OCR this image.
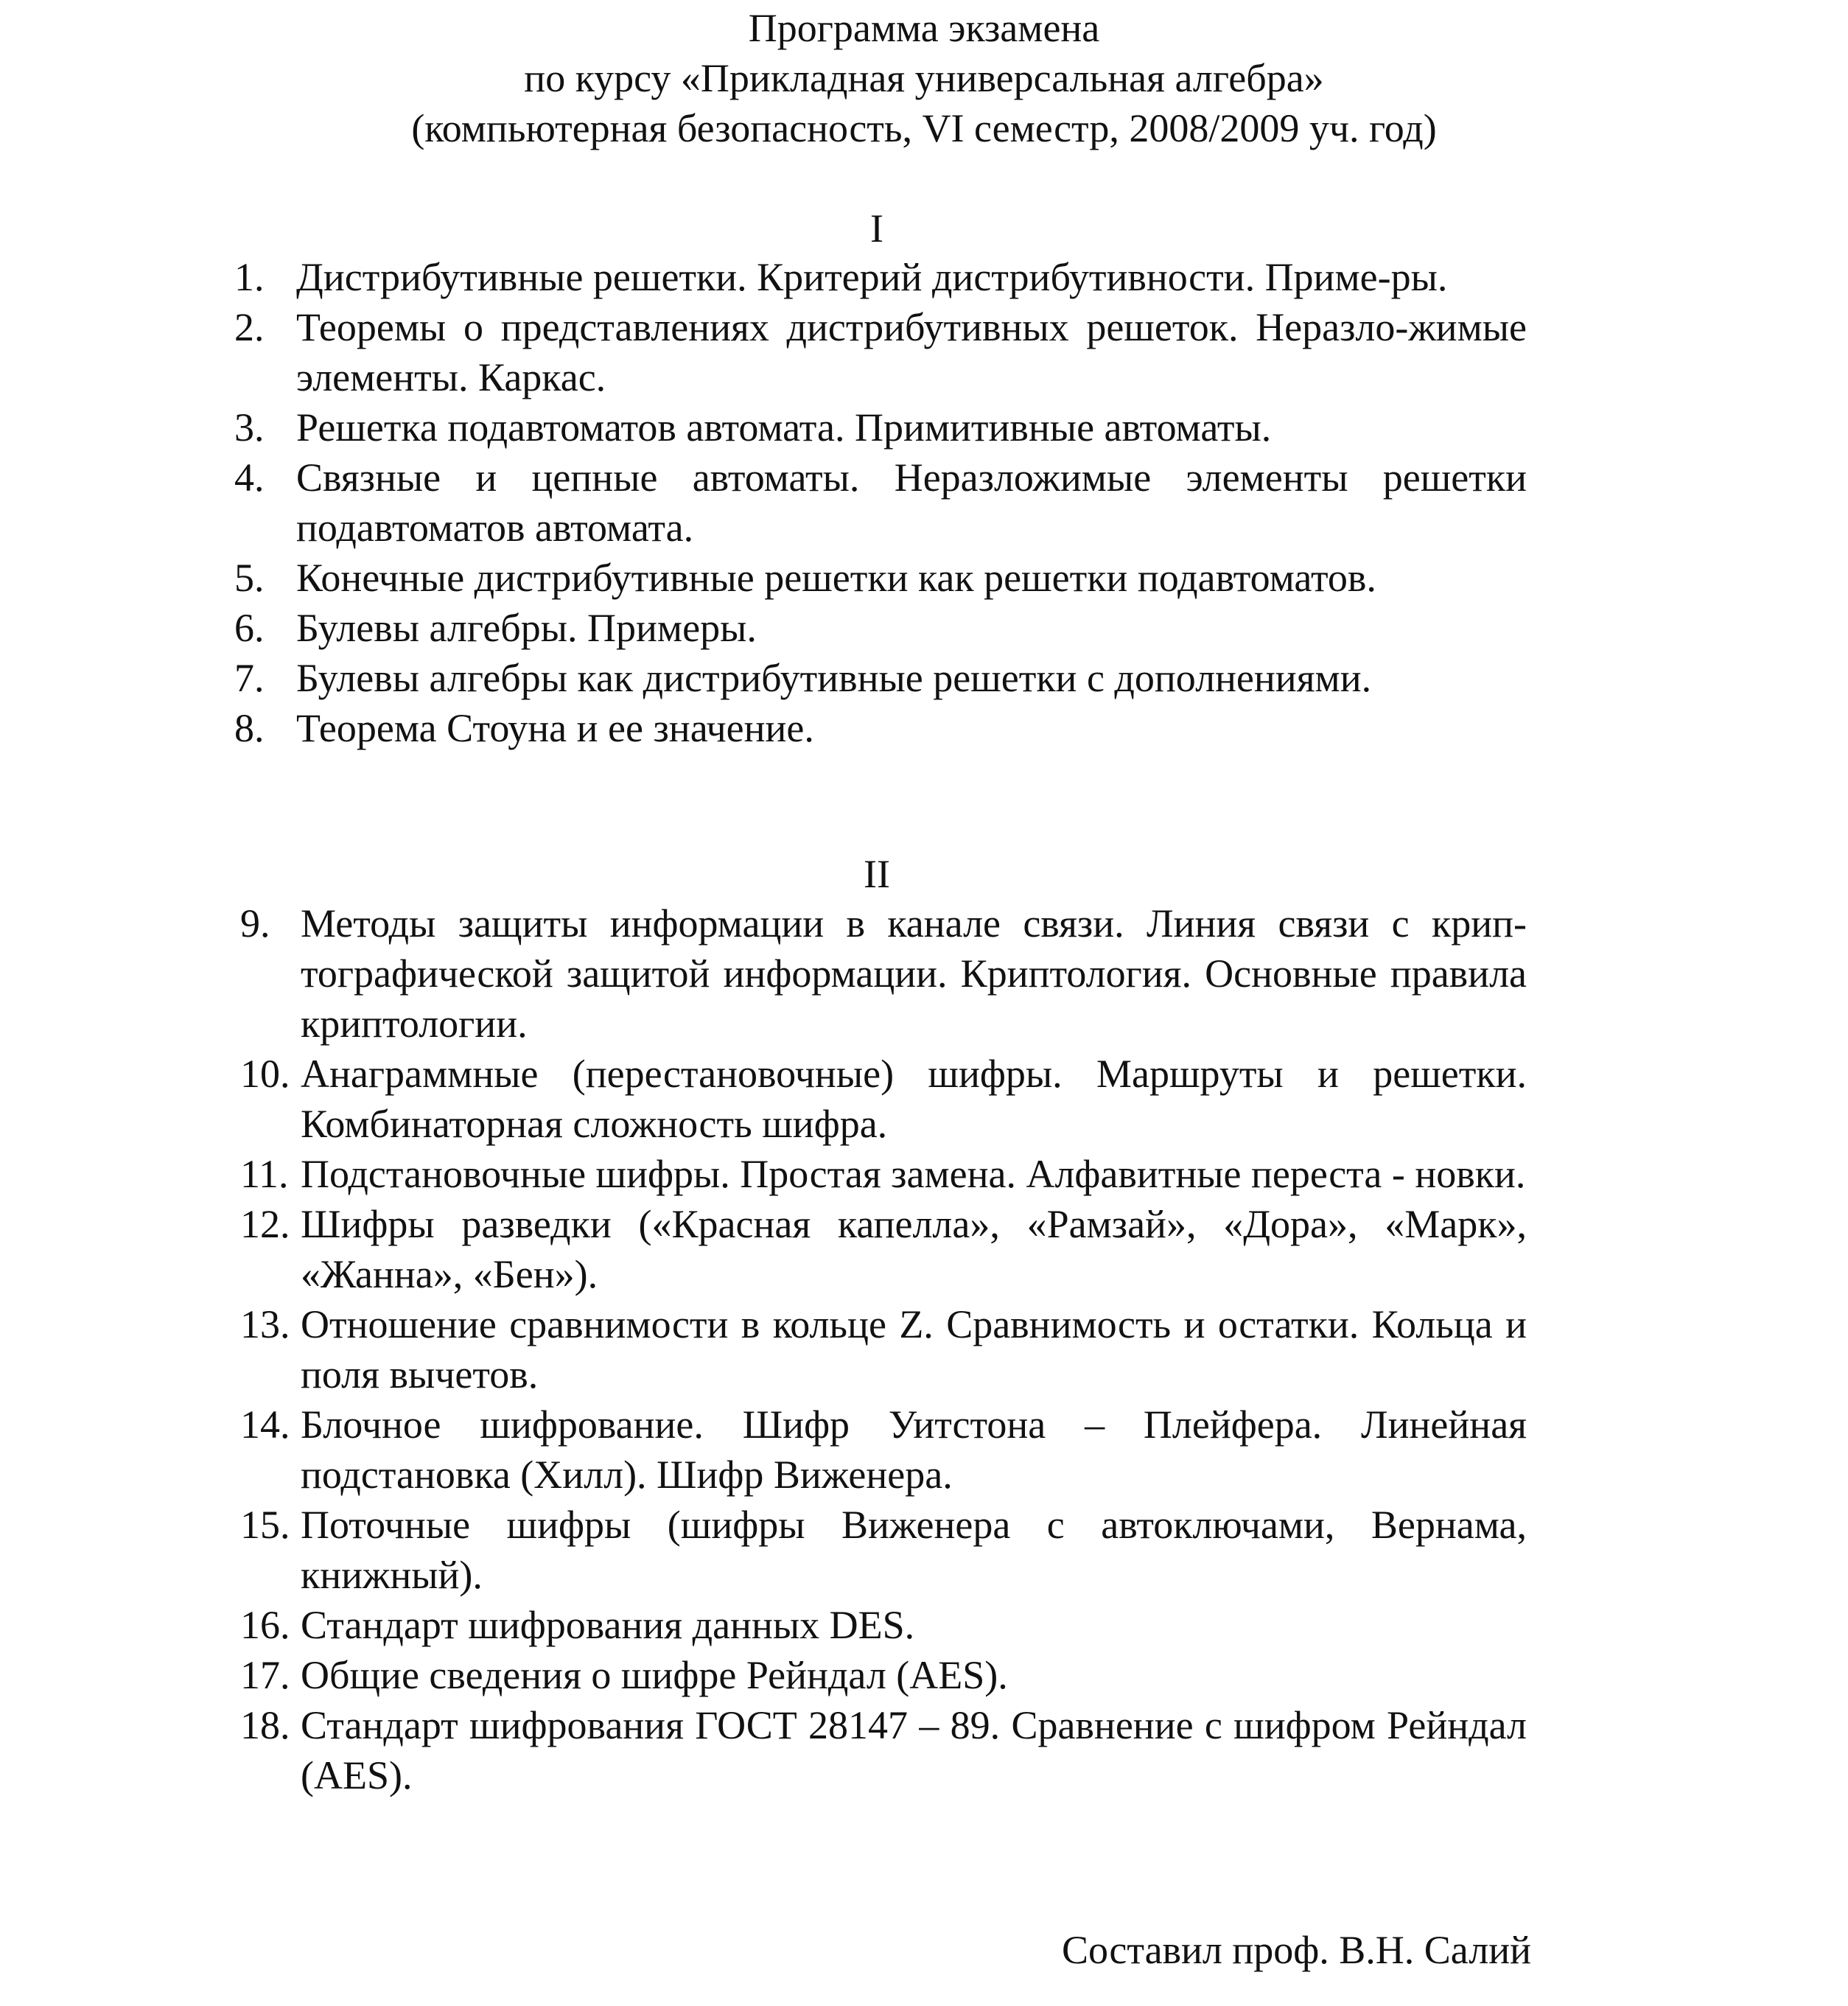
Программа экзамена
по курсу «Прикладная универсальная алгебра»
(компьютерная безопасность, VI семестр, 2008/2009 уч. год)
I
1. Дистрибутивные решетки. Критерий дистрибутивности. Приме-ры.
2. Теоремы о представлениях дистрибутивных решеток. Неразло-жимые элементы. Каркас.
3. Решетка подавтоматов автомата. Примитивные автоматы.
4. Связные и цепные автоматы. Неразложимые элементы решетки подавтоматов автомата.
5. Конечные дистрибутивные решетки как решетки подавтоматов.
6. Булевы алгебры. Примеры.
7. Булевы алгебры как дистрибутивные решетки с дополнениями.
8. Теорема Стоуна и ее значение.
II
9. Методы защиты информации в канале связи. Линия связи с крип-тографической защитой информации. Криптология. Основные правила криптологии.
10. Анаграммные (перестановочные) шифры. Маршруты и решетки. Комбинаторная сложность шифра.
11. Подстановочные шифры. Простая замена. Алфавитные переста - новки.
12. Шифры разведки («Красная капелла», «Рамзай», «Дора», «Марк», «Жанна», «Бен»).
13. Отношение сравнимости в кольце Z. Сравнимость и остатки. Кольца и поля вычетов.
14. Блочное шифрование. Шифр Уитстона – Плейфера. Линейная подстановка (Хилл). Шифр Виженера.
15. Поточные шифры (шифры Виженера с автоключами, Вернама, книжный).
16. Стандарт шифрования данных DES.
17. Общие сведения о шифре Рейндал (AES).
18. Стандарт шифрования ГОСТ 28147 – 89. Сравнение с шифром Рейндал (AES).
Составил проф. В.Н. Салий
